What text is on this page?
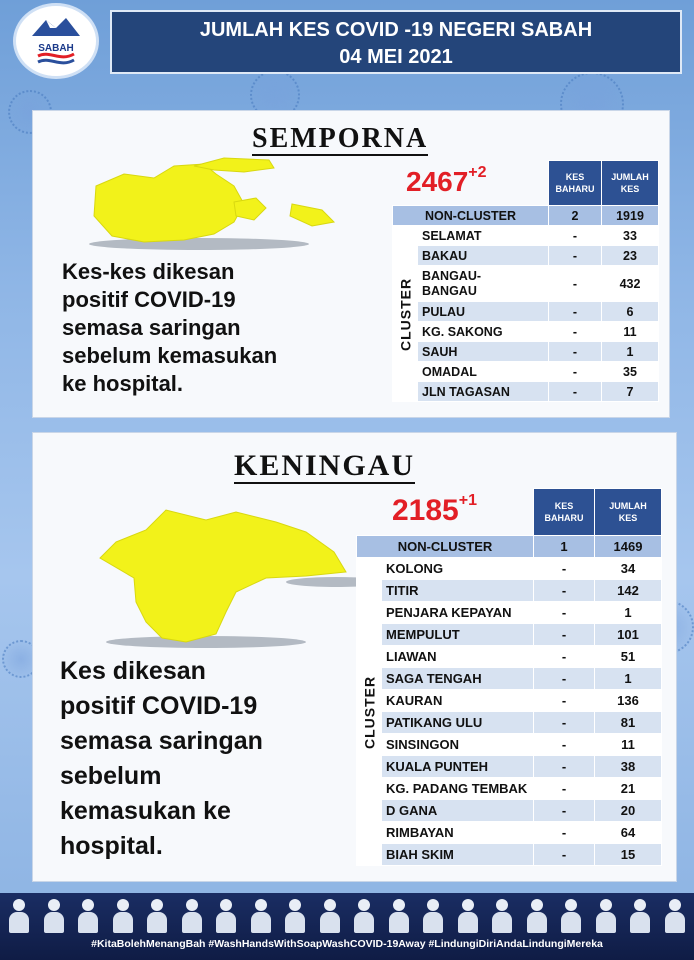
SABAH
JUMLAH KES COVID -19 NEGERI SABAH
04 MEI 2021
SEMPORNA
$2467^{+2}$
Kes-kes dikesan
positif COVID-19
semasa saringan
sebelum kemasukan
ke hospital.
		KES
BAHARU	JUMLAH
KES
NON-CLUSTER		2	1919
CLUSTER	SELAMAT	-	33
	BAKAU	-	23
	BANGAU-
BANGAU	-	432
	PULAU	-	6
	KG. SAKONG	-	11
	SAUH	-	1
	OMADAL	-	35
	JLN TAGASAN	-	7
KENINGAU
$2185^{+1}$
Kes dikesan
positif COVID-19
semasa saringan
sebelum
kemasukan ke
hospital.
		KES
BAHARU	JUMLAH
KES
NON-CLUSTER		1	1469
CLUSTER	KOLONG	-	34
	TITIR	-	142
	PENJARA KEPAYAN	-	1
	MEMPULUT	-	101
	LIAWAN	-	51
	SAGA TENGAH	-	1
	KAURAN	-	136
	PATIKANG ULU	-	81
	SINSINGON	-	11
	KUALA PUNTEH	-	38
	KG. PADANG TEMBAK	-	21
	D GANA	-	20
	RIMBAYAN	-	64
	BIAH SKIM	-	15
#KitaBolehMenangBah #WashHandsWithSoapWashCOVID-19Away #LindungiDiriAndaLindungiMereka
